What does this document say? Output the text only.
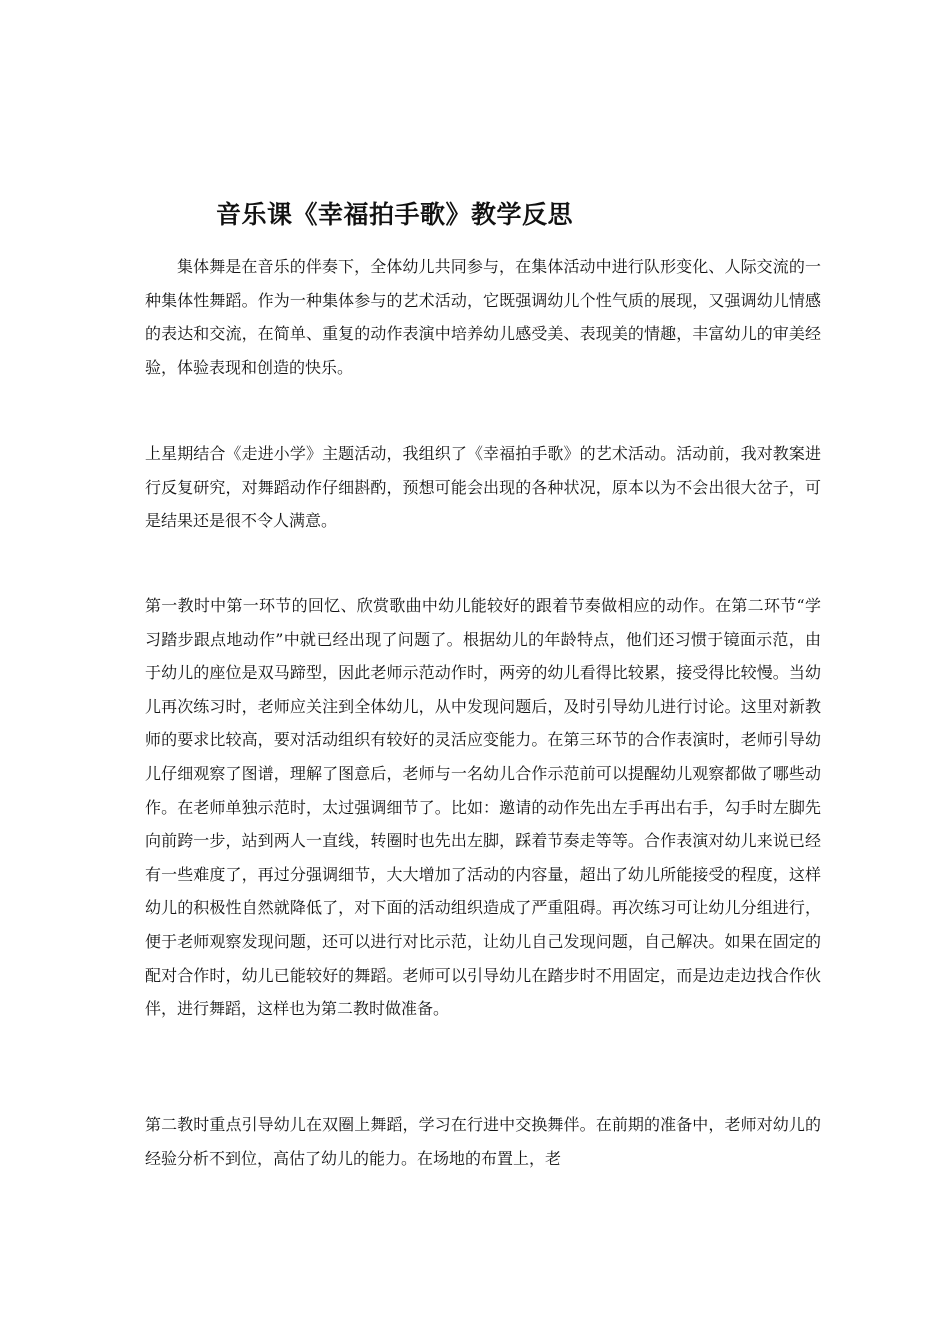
音乐课《幸福拍手歌》教学反思

集体舞是在音乐的伴奏下，全体幼儿共同参与，在集体活动中进行队形变化、人际交流的一种集体性舞蹈。作为一种集体参与的艺术活动，它既强调幼儿个性气质的展现，又强调幼儿情感的表达和交流，在简单、重复的动作表演中培养幼儿感受美、表现美的情趣，丰富幼儿的审美经验，体验表现和创造的快乐。

上星期结合《走进小学》主题活动，我组织了《幸福拍手歌》的艺术活动。活动前，我对教案进行反复研究，对舞蹈动作仔细斟酌，预想可能会出现的各种状况，原本以为不会出很大岔子，可是结果还是很不令人满意。

第一教时中第一环节的回忆、欣赏歌曲中幼儿能较好的跟着节奏做相应的动作。在第二环节“学习踏步跟点地动作”中就已经出现了问题了。根据幼儿的年龄特点，他们还习惯于镜面示范，由于幼儿的座位是双马蹄型，因此老师示范动作时，两旁的幼儿看得比较累，接受得比较慢。当幼儿再次练习时，老师应关注到全体幼儿，从中发现问题后，及时引导幼儿进行讨论。这里对新教师的要求比较高，要对活动组织有较好的灵活应变能力。在第三环节的合作表演时，老师引导幼儿仔细观察了图谱，理解了图意后，老师与一名幼儿合作示范前可以提醒幼儿观察都做了哪些动作。在老师单独示范时，太过强调细节了。比如：邀请的动作先出左手再出右手，勾手时左脚先向前跨一步，站到两人一直线，转圈时也先出左脚，踩着节奏走等等。合作表演对幼儿来说已经有一些难度了，再过分强调细节，大大增加了活动的内容量，超出了幼儿所能接受的程度，这样幼儿的积极性自然就降低了，对下面的活动组织造成了严重阻碍。再次练习可让幼儿分组进行，便于老师观察发现问题，还可以进行对比示范，让幼儿自己发现问题，自己解决。如果在固定的配对合作时，幼儿已能较好的舞蹈。老师可以引导幼儿在踏步时不用固定，而是边走边找合作伙伴，进行舞蹈，这样也为第二教时做准备。

第二教时重点引导幼儿在双圈上舞蹈，学习在行进中交换舞伴。在前期的准备中，老师对幼儿的经验分析不到位，高估了幼儿的能力。在场地的布置上，老
